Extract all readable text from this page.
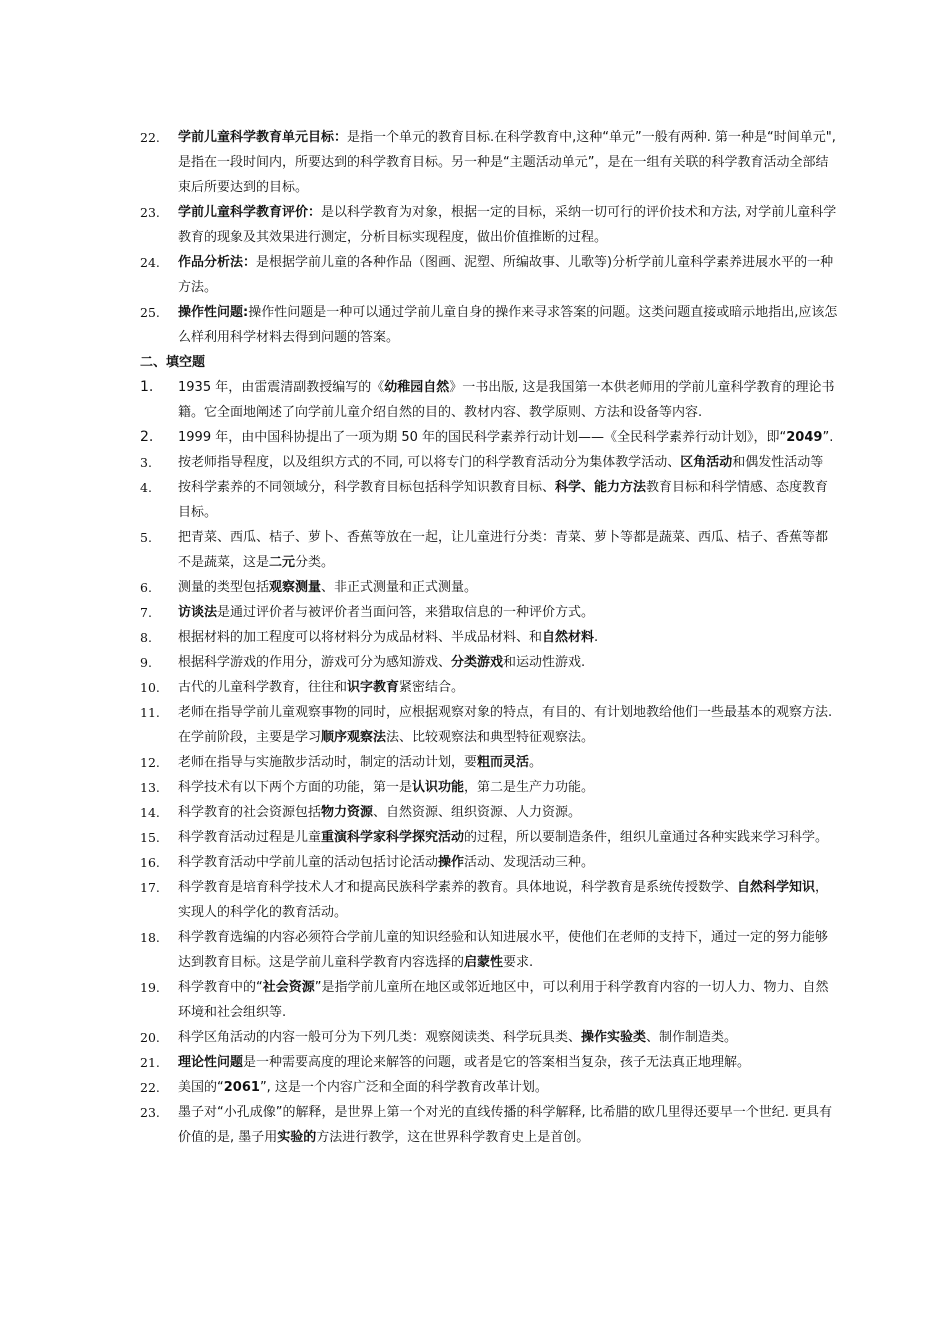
22.	学前儿童科学教育单元目标：是指一个单元的教育目标.在科学教育中,这种“单元”一般有两种. 第一种是“时间单元",是指在一段时间内，所要达到的科学教育目标。另一种是“主题活动单元”，是在一组有关联的科学教育活动全部结束后所要达到的目标。
23.	学前儿童科学教育评价：是以科学教育为对象，根据一定的目标，采纳一切可行的评价技术和方法, 对学前儿童科学教育的现象及其效果进行测定，分析目标实现程度，做出价值推断的过程。
24.	作品分析法：是根据学前儿童的各种作品（图画、泥塑、所编故事、儿歌等)分析学前儿童科学素养进展水平的一种方法。
25.	操作性问题:操作性问题是一种可以通过学前儿童自身的操作来寻求答案的问题。这类问题直接或暗示地指出,应该怎么样利用科学材料去得到问题的答案。
二、填空题
1.	1935 年，由雷震清副教授编写的《幼稚园自然》一书出版, 这是我国第一本供老师用的学前儿童科学教育的理论书籍。它全面地阐述了向学前儿童介绍自然的目的、教材内容、教学原则、方法和设备等内容.
2.	1999 年，由中国科协提出了一项为期 50 年的国民科学素养行动计划——《全民科学素养行动计划》，即“2049”.
3.	按老师指导程度，以及组织方式的不同, 可以将专门的科学教育活动分为集体教学活动、区角活动和偶发性活动等
4.	按科学素养的不同领域分，科学教育目标包括科学知识教育目标、科学、能力方法教育目标和科学情感、态度教育目标。
5.	把青菜、西瓜、桔子、萝卜、香蕉等放在一起，让儿童进行分类：青菜、萝卜等都是蔬菜、西瓜、桔子、香蕉等都不是蔬菜，这是二元分类。
6.	测量的类型包括观察测量、非正式测量和正式测量。
7.	访谈法是通过评价者与被评价者当面问答，来猎取信息的一种评价方式。
8.	根据材料的加工程度可以将材料分为成品材料、半成品材料、和自然材料.
9.	根据科学游戏的作用分，游戏可分为感知游戏、分类游戏和运动性游戏.
10.	古代的儿童科学教育，往往和识字教育紧密结合。
11.	老师在指导学前儿童观察事物的同时，应根据观察对象的特点，有目的、有计划地教给他们一些最基本的观察方法. 在学前阶段，主要是学习顺序观察法法、比较观察法和典型特征观察法。
12.	老师在指导与实施散步活动时，制定的活动计划，要粗而灵活。
13.	科学技术有以下两个方面的功能，第一是认识功能，第二是生产力功能。
14.	科学教育的社会资源包括物力资源、自然资源、组织资源、人力资源。
15.	科学教育活动过程是儿童重演科学家科学探究活动的过程，所以要制造条件，组织儿童通过各种实践来学习科学。
16.	科学教育活动中学前儿童的活动包括讨论活动操作活动、发现活动三种。
17.	科学教育是培育科学技术人才和提高民族科学素养的教育。具体地说，科学教育是系统传授数学、自然科学知识，实现人的科学化的教育活动。
18.	科学教育选编的内容必须符合学前儿童的知识经验和认知进展水平，使他们在老师的支持下，通过一定的努力能够达到教育目标。这是学前儿童科学教育内容选择的启蒙性要求.
19.	科学教育中的“社会资源”是指学前儿童所在地区或邻近地区中，可以利用于科学教育内容的一切人力、物力、自然环境和社会组织等.
20.	科学区角活动的内容一般可分为下列几类：观察阅读类、科学玩具类、操作实验类、制作制造类。
21.	理论性问题是一种需要高度的理论来解答的问题，或者是它的答案相当复杂，孩子无法真正地理解。
22.	美国的“2061”, 这是一个内容广泛和全面的科学教育改革计划。
23.	墨子对“小孔成像”的解释，是世界上第一个对光的直线传播的科学解释, 比希腊的欧几里得还要早一个世纪. 更具有价值的是, 墨子用实验的方法进行教学，这在世界科学教育史上是首创。
